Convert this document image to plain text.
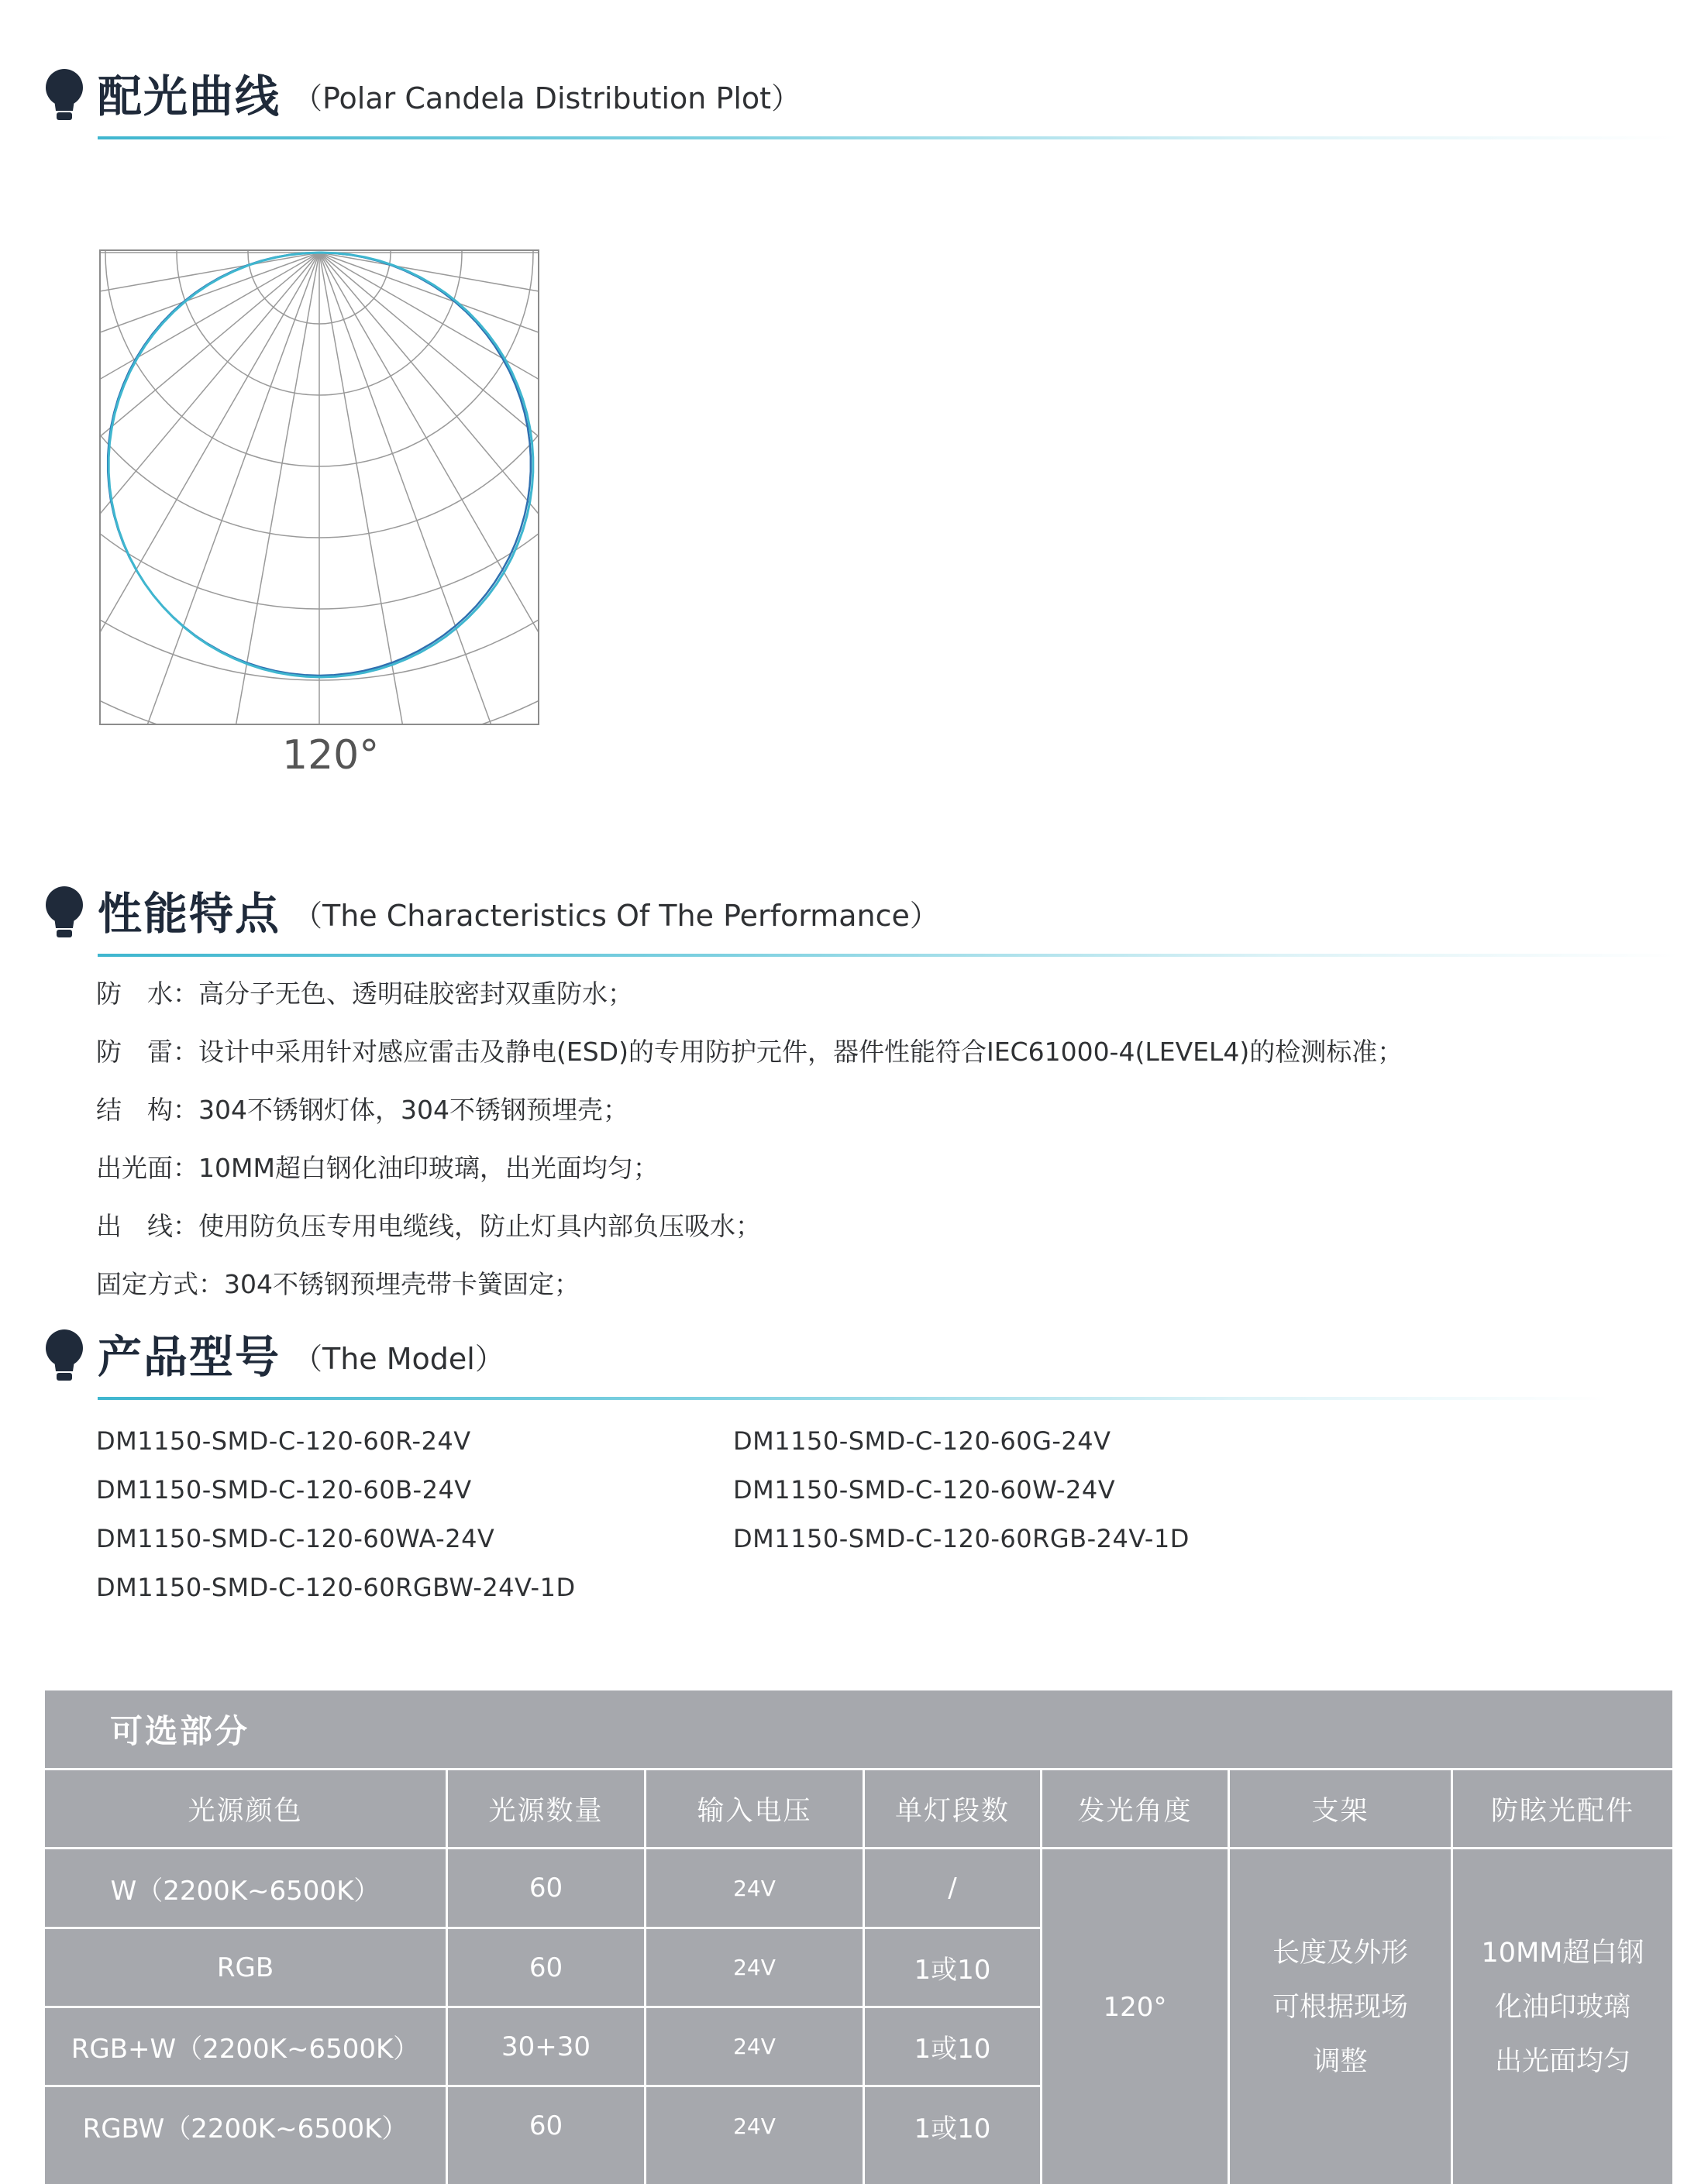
配光曲线 （Polar Candela Distribution Plot）
120°
性能特点 （The Characteristics Of The Performance）
防　水：高分子无色、透明硅胶密封双重防水；
防　雷：设计中采用针对感应雷击及静电(ESD)的专用防护元件，器件性能符合IEC61000-4(LEVEL4)的检测标准；
结　构：304不锈钢灯体，304不锈钢预埋壳；
出光面：10MM超白钢化油印玻璃，出光面均匀；
出　线：使用防负压专用电缆线，防止灯具内部负压吸水；
固定方式：304不锈钢预埋壳带卡簧固定；
产品型号 （The Model）
DM1150-SMD-C-120-60R-24V
DM1150-SMD-C-120-60B-24V
DM1150-SMD-C-120-60WA-24V
DM1150-SMD-C-120-60RGBW-24V-1D
DM1150-SMD-C-120-60G-24V
DM1150-SMD-C-120-60W-24V
DM1150-SMD-C-120-60RGB-24V-1D
可选部分
光源颜色	光源数量	输入电压	单灯段数	发光角度	支架	防眩光配件
W（2200K~6500K）	60	24V	/
RGB	60	24V	1或10
RGB+W（2200K~6500K）	30+30	24V	1或10
RGBW（2200K~6500K）	60	24V	1或10
120°
长度及外形
可根据现场
调整
10MM超白钢
化油印玻璃
出光面均匀
